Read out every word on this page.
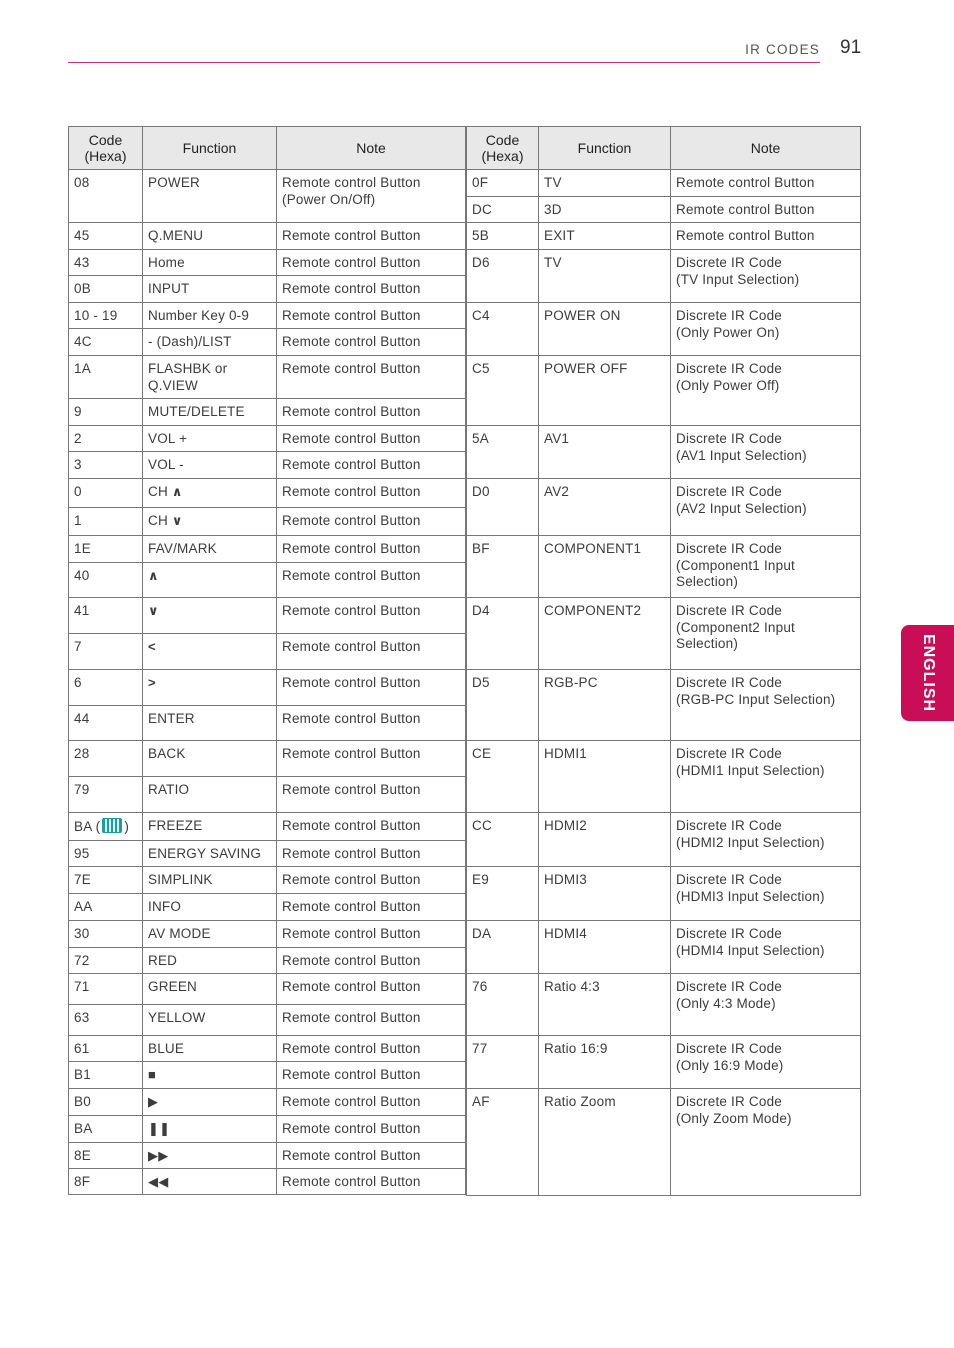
IR CODES 91
ENGLISH
Code
(Hexa)	Function	Note
08	POWER	Remote control Button
(Power On/Off)
45	Q.MENU	Remote control Button
43	Home	Remote control Button
0B	INPUT	Remote control Button
10 - 19	Number Key 0-9	Remote control Button
4C	- (Dash)/LIST	Remote control Button
1A	FLASHBK or
Q.VIEW	Remote control Button
9	MUTE/DELETE	Remote control Button
2	VOL +	Remote control Button
3	VOL -	Remote control Button
0	CH ∧	Remote control Button
1	CH ∨	Remote control Button
1E	FAV/MARK	Remote control Button
40	∧	Remote control Button
41	∨	Remote control Button
7	<	Remote control Button
6	>	Remote control Button
44	ENTER	Remote control Button
28	BACK	Remote control Button
79	RATIO	Remote control Button
BA ( )	FREEZE	Remote control Button
95	ENERGY SAVING	Remote control Button
7E	SIMPLINK	Remote control Button
AA	INFO	Remote control Button
30	AV MODE	Remote control Button
72	RED	Remote control Button
71	GREEN	Remote control Button
63	YELLOW	Remote control Button
61	BLUE	Remote control Button
B1	■	Remote control Button
B0	▶	Remote control Button
BA	❚❚	Remote control Button
8E	▶▶	Remote control Button
8F	◀◀	Remote control Button
Code
(Hexa)	Function	Note
0F	TV	Remote control Button
DC	3D	Remote control Button
5B	EXIT	Remote control Button
D6	TV	Discrete IR Code
(TV Input Selection)
C4	POWER ON	Discrete IR Code
(Only Power On)
C5	POWER OFF	Discrete IR Code
(Only Power Off)
5A	AV1	Discrete IR Code
(AV1 Input Selection)
D0	AV2	Discrete IR Code
(AV2 Input Selection)
BF	COMPONENT1	Discrete IR Code
(Component1 Input
Selection)
D4	COMPONENT2	Discrete IR Code
(Component2 Input
Selection)
D5	RGB-PC	Discrete IR Code
(RGB-PC Input Selection)
CE	HDMI1	Discrete IR Code
(HDMI1 Input Selection)
CC	HDMI2	Discrete IR Code
(HDMI2 Input Selection)
E9	HDMI3	Discrete IR Code
(HDMI3 Input Selection)
DA	HDMI4	Discrete IR Code
(HDMI4 Input Selection)
76	Ratio 4:3	Discrete IR Code
(Only 4:3 Mode)
77	Ratio 16:9	Discrete IR Code
(Only 16:9 Mode)
AF	Ratio Zoom	Discrete IR Code
(Only Zoom Mode)
